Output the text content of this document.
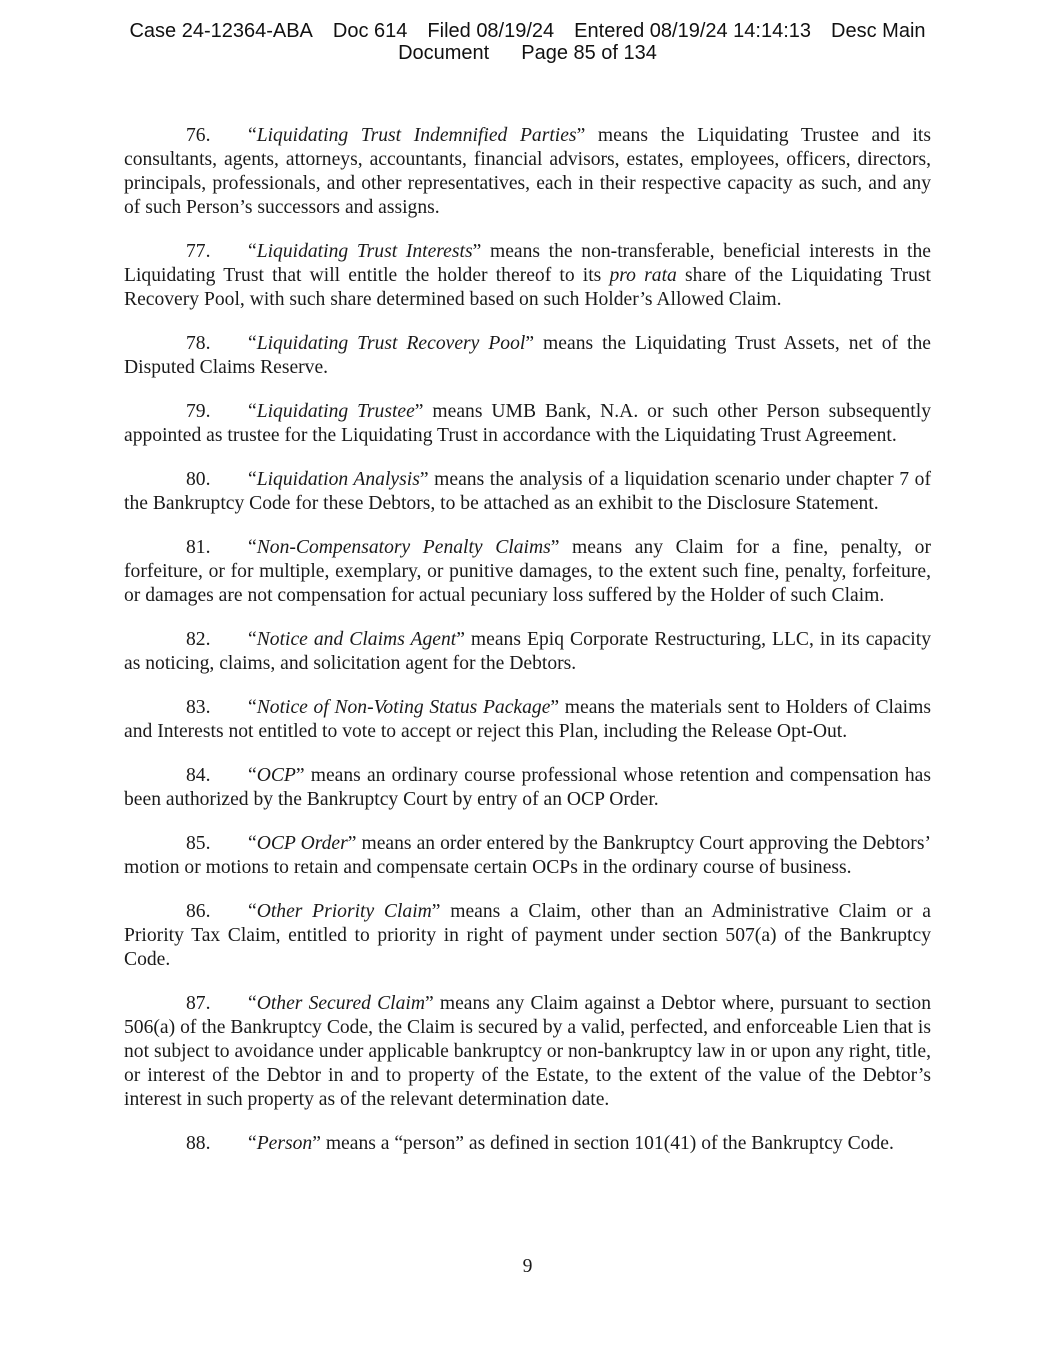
Case 24-12364-ABA Doc 614 Filed 08/19/24 Entered 08/19/24 14:14:13 Desc Main
Document Page 85 of 134

76. “Liquidating Trust Indemnified Parties” means the Liquidating Trustee and its consultants, agents, attorneys, accountants, financial advisors, estates, employees, officers, directors, principals, professionals, and other representatives, each in their respective capacity as such, and any of such Person’s successors and assigns.

77. “Liquidating Trust Interests” means the non-transferable, beneficial interests in the Liquidating Trust that will entitle the holder thereof to its pro rata share of the Liquidating Trust Recovery Pool, with such share determined based on such Holder’s Allowed Claim.

78. “Liquidating Trust Recovery Pool” means the Liquidating Trust Assets, net of the Disputed Claims Reserve.

79. “Liquidating Trustee” means UMB Bank, N.A. or such other Person subsequently appointed as trustee for the Liquidating Trust in accordance with the Liquidating Trust Agreement.

80. “Liquidation Analysis” means the analysis of a liquidation scenario under chapter 7 of the Bankruptcy Code for these Debtors, to be attached as an exhibit to the Disclosure Statement.

81. “Non-Compensatory Penalty Claims” means any Claim for a fine, penalty, or forfeiture, or for multiple, exemplary, or punitive damages, to the extent such fine, penalty, forfeiture, or damages are not compensation for actual pecuniary loss suffered by the Holder of such Claim.

82. “Notice and Claims Agent” means Epiq Corporate Restructuring, LLC, in its capacity as noticing, claims, and solicitation agent for the Debtors.

83. “Notice of Non-Voting Status Package” means the materials sent to Holders of Claims and Interests not entitled to vote to accept or reject this Plan, including the Release Opt-Out.

84. “OCP” means an ordinary course professional whose retention and compensation has been authorized by the Bankruptcy Court by entry of an OCP Order.

85. “OCP Order” means an order entered by the Bankruptcy Court approving the Debtors’ motion or motions to retain and compensate certain OCPs in the ordinary course of business.

86. “Other Priority Claim” means a Claim, other than an Administrative Claim or a Priority Tax Claim, entitled to priority in right of payment under section 507(a) of the Bankruptcy Code.

87. “Other Secured Claim” means any Claim against a Debtor where, pursuant to section 506(a) of the Bankruptcy Code, the Claim is secured by a valid, perfected, and enforceable Lien that is not subject to avoidance under applicable bankruptcy or non-bankruptcy law in or upon any right, title, or interest of the Debtor in and to property of the Estate, to the extent of the value of the Debtor’s interest in such property as of the relevant determination date.

88. “Person” means a “person” as defined in section 101(41) of the Bankruptcy Code.

9
